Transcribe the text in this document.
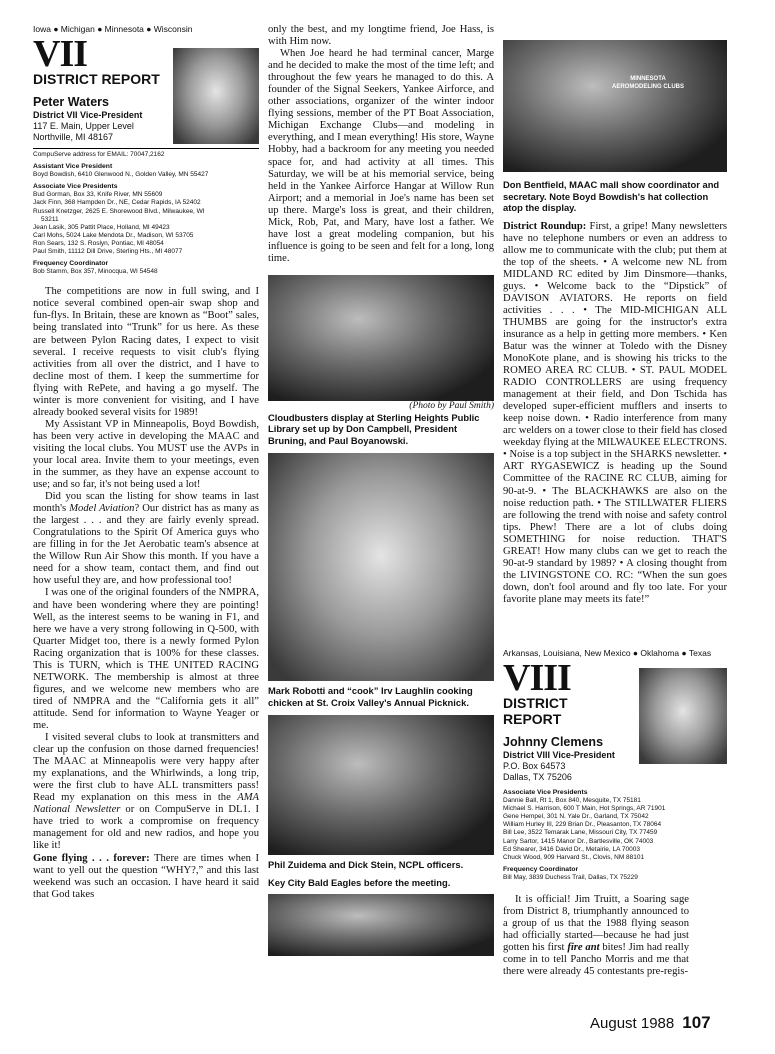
Iowa ● Michigan ● Minnesota ● Wisconsin
VII
DISTRICT REPORT
Peter Waters
District VII Vice-President
117 E. Main, Upper Level
Northville, MI 48167
CompuServe address for EMAIL: 70047,2162
Assistant Vice President
Boyd Bowdish, 6410 Glenwood N., Golden Valley, MN 55427
Associate Vice Presidents
Bud Gorman, Box 33, Knife River, MN 55609
Jack Finn, 368 Hampden Dr., NE, Cedar Rapids, IA 52402
Russell Knetzger, 2625 E. Shorewood Blvd., Milwaukee, WI
53211
Jean Lasik, 305 Pattit Place, Holland, MI 49423
Carl Mohs, 5024 Lake Mendota Dr., Madison, WI 53705
Ron Sears, 132 S. Roslyn, Pontiac, MI 48054
Paul Smith, 11112 Dill Drive, Sterling Hts., MI 48077
Frequency Coordinator
Bob Stamm, Box 357, Minocqua, WI 54548

The competitions are now in full swing, and I notice several combined open-air swap shop and fun-flys. In Britain, these are known as “Boot” sales, being translated into “Trunk” for us here. As these are between Pylon Racing dates, I expect to visit several. I receive requests to visit club's flying activities from all over the district, and I have to decline most of them. I keep the summertime for flying with RePete, and having a go myself. The winter is more convenient for visiting, and I have already booked several visits for 1989!

My Assistant VP in Minneapolis, Boyd Bowdish, has been very active in developing the MAAC and visiting the local clubs. You MUST use the AVPs in your local area. Invite them to your meetings, even in the summer, as they have an expense account to use; and so far, it's not being used a lot!

Did you scan the listing for show teams in last month's Model Aviation? Our district has as many as the largest . . . and they are fairly evenly spread. Congratulations to the Spirit Of America guys who are filling in for the Jet Aerobatic team's absence at the Willow Run Air Show this month. If you have a need for a show team, contact them, and find out how useful they are, and how professional too!

I was one of the original founders of the NMPRA, and have been wondering where they are pointing! Well, as the interest seems to be waning in F1, and here we have a very strong following in Q-500, with Quarter Midget too, there is a newly formed Pylon Racing organization that is 100% for these classes. This is TURN, which is THE UNITED RACING NETWORK. The membership is almost at three figures, and we welcome new members who are tired of NMPRA and the “California gets it all” attitude. Send for information to Wayne Yeager or me.

I visited several clubs to look at transmitters and clear up the confusion on those darned frequencies! The MAAC at Minneapolis were very happy after my explanations, and the Whirlwinds, a long trip, were the first club to have ALL transmitters pass! Read my explanation on this mess in the AMA National Newsletter or on CompuServe in DL1. I have tried to work a compromise on frequency management for old and new radios, and hope you like it!

Gone flying . . . forever: There are times when I want to yell out the question “WHY?,” and this last weekend was such an occasion. I have heard it said that God takes

only the best, and my longtime friend, Joe Hass, is with Him now.

When Joe heard he had terminal cancer, Marge and he decided to make the most of the time left; and throughout the few years he managed to do this. A founder of the Signal Seekers, Yankee Airforce, and other associations, organizer of the winter indoor flying sessions, member of the PT Boat Association, Michigan Exchange Clubs—and modeling in everything, and I mean everything! His store, Wayne Hobby, had a backroom for any meeting you needed space for, and had activity at all times. This Saturday, we will be at his memorial service, being held in the Yankee Airforce Hangar at Willow Run Airport; and a memorial in Joe's name has been set up there. Marge's loss is great, and their children, Mick, Rob, Pat, and Mary, have lost a father. We have lost a great modeling companion, but his influence is going to be seen and felt for a long, long time.

(Photo by Paul Smith)
Cloudbusters display at Sterling Heights Public Library set up by Don Campbell, President Bruning, and Paul Boyanowski.
Mark Robotti and “cook” Irv Laughlin cooking chicken at St. Croix Valley's Annual Picknick.
Phil Zuidema and Dick Stein, NCPL officers.
Key City Bald Eagles before the meeting.
MINNESOTA AEROMODELING CLUBS
Don Bentfield, MAAC mall show coordinator and secretary. Note Boyd Bowdish's hat collection atop the display.

District Roundup: First, a gripe! Many newsletters have no telephone numbers or even an address to allow me to communicate with the club; put them at the top of the sheets. • A welcome new NL from MIDLAND RC edited by Jim Dinsmore—thanks, guys. • Welcome back to the “Dipstick” of DAVISON AVIATORS. He reports on field activities . . . • The MID-MICHIGAN ALL THUMBS are going for the instructor's extra insurance as a help in getting more members. • Ken Batur was the winner at Toledo with the Disney MonoKote plane, and is showing his tricks to the ROMEO AREA RC CLUB. • ST. PAUL MODEL RADIO CONTROLLERS are using frequency management at their field, and Don Tschida has developed super-efficient mufflers and inserts to keep noise down. • Radio interference from many arc welders on a tower close to their field has closed weekday flying at the MILWAUKEE ELECTRONS. • Noise is a top subject in the SHARKS newsletter. • ART RYGASEWICZ is heading up the Sound Committee of the RACINE RC CLUB, aiming for 90-at-9. • The BLACKHAWKS are also on the noise reduction path. • The STILLWATER FLIERS are following the trend with noise and safety control tips. Phew! There are a lot of clubs doing SOMETHING for noise reduction. THAT'S GREAT! How many clubs can we get to reach the 90-at-9 standard by 1989? • A closing thought from the LIVINGSTONE CO. RC: “When the sun goes down, don't fool around and fly too late. For your favorite plane may meets its fate!”

Arkansas, Louisiana, New Mexico ● Oklahoma ● Texas
VIII
DISTRICT REPORT
Johnny Clemens
District VIII Vice-President
P.O. Box 64573
Dallas, TX 75206
Associate Vice Presidents
Dannie Ball, Rt 1, Box 840, Mesquite, TX 75181
Michael S. Harrison, 600 T Main, Hot Springs, AR 71901
Gene Hempel, 301 N. Yale Dr., Garland, TX 75042
William Hurley III, 229 Brian Dr., Pleasanton, TX 78064
Bill Lee, 3522 Temarak Lane, Missouri City, TX 77459
Larry Sartor, 1415 Manor Dr., Bartlesville, OK 74003
Ed Shearer, 3416 David Dr., Metairie, LA 70003
Chuck Wood, 909 Harvard St., Clovis, NM 88101
Frequency Coordinator
Bill May, 3839 Duchess Trail, Dallas, TX 75229

It is official! Jim Truitt, a Soaring sage from District 8, triumphantly announced to a group of us that the 1988 flying season had officially started—because he had just gotten his first fire ant bites! Jim had really come in to tell Pancho Morris and me that there were already 45 contestants pre-regis-

August 1988 107
